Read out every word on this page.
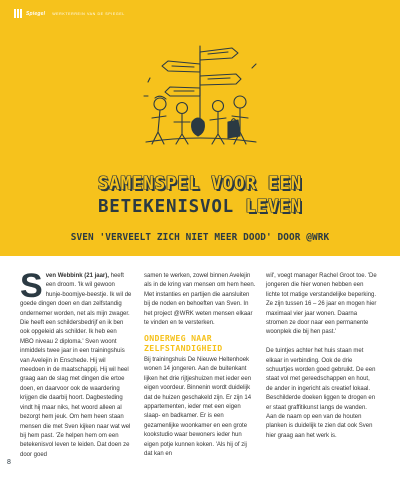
Spiegel WERKTERREIN VAN DE SPIEGEL
SAMENSPEL VOOR EEN
BETEKENISVOL LEVEN
SVEN 'VERVEELT ZICH NIET MEER DOOD' DOOR @WRK

Sven Webbink (21 jaar), heeft een droom. 'Ik wil gewoon hunje-boomjye-beestje. Ik wil de goede dingen doen en dan zelfstandig ondernemer worden, net als mijn zwager. Die heeft een schildersbedrijf en ik ben ook opgeleid als schilder. Ik heb een MBO niveau 2 diploma.' Sven woont inmiddels twee jaar in een trainingshuis van Avelejin in Enschede. Hij wil meedoen in de maatschappij. Hij wil heel graag aan de slag met dingen die ertoe doen, en daarvoor ook de waardering krijgen die daarbij hoort. Dagbesteding vindt hij maar niks, het woord alleen al bezorgt hem jeuk. Om hem heen staan mensen die met Sven kijken naar wat wel bij hem past. 'Ze helpen hem om een betekenisvol leven te leiden. Dat doen ze door goed

samen te werken, zowel binnen Avelejin als in de kring van mensen om hem heen. Met instanties en partijen die aansluiten bij de noden en behoeften van Sven. In het project @WRK weten mensen elkaar te vinden en te versterken.

ONDERWEG NAAR ZELFSTANDIGHEID

Bij trainingshuis De Nieuwe Heltenhoek wonen 14 jongeren. Aan de buitenkant lijken het drie rijtjeshuizen met ieder een eigen voordeur. Binnenin wordt duidelijk dat de huizen geschakeld zijn. Er zijn 14 appartementen, ieder met een eigen slaap- en badkamer. Er is een gezamenlijke woonkamer en een grote kookstudio waar bewoners ieder hun eigen potje kunnen koken. 'Als hij of zij dat kan en

wil', voegt manager Rachel Groot toe. 'De jongeren die hier wonen hebben een lichte tot matige verstandelijke beperking. Ze zijn tussen 16 – 26 jaar en mogen hier maximaal vier jaar wonen. Daarna stromen ze door naar een permanente woonplek die bij hen past.'

De tuintjes achter het huis staan met elkaar in verbinding. Ook de drie schuurtjes worden goed gebruikt. De een staat vol met gereedschappen en hout, de ander in ingericht als creatief lokaal. Beschilderde doeken liggen te drogen en er staat graffitikunst langs de wanden. Aan de naam op een van de houten planken is duidelijk te zien dat ook Sven hier graag aan het werk is.

8
